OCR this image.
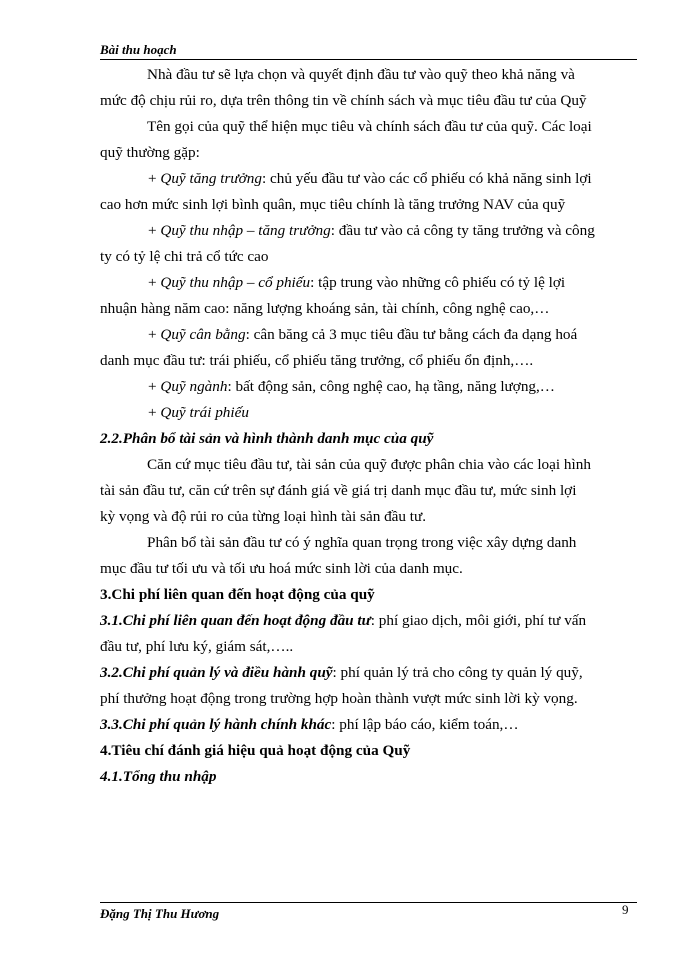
Bài thu hoạch
Nhà đầu tư sẽ lựa chọn và quyết định đầu tư vào quỹ theo khả năng và
mức độ chịu rủi ro, dựa trên thông tin về chính sách và mục tiêu đầu tư của Quỹ
Tên gọi của quỹ thể hiện mục tiêu và chính sách đầu tư của quỹ. Các loại
quỹ thường gặp:
+ Quỹ tăng trưởng: chủ yếu đầu tư vào các cổ phiếu có khả năng sinh lợi
cao hơn mức sinh lợi bình quân, mục tiêu chính là tăng trưởng NAV của quỹ
+ Quỹ thu nhập – tăng trưởng: đầu tư vào cả công ty tăng trưởng và công
ty có tỷ lệ chi trả cổ tức cao
+ Quỹ thu nhập – cổ phiếu: tập trung vào những cô phiếu có tỷ lệ lợi
nhuận hàng năm cao: năng lượng khoáng sản, tài chính, công nghệ cao,…
+ Quỹ cân bằng: cân băng cả 3 mục tiêu đầu tư bằng cách đa dạng hoá
danh mục đầu tư: trái phiếu, cổ phiếu tăng trưởng, cổ phiếu ổn định,….
+ Quỹ ngành: bất động sản, công nghệ cao, hạ tầng, năng lượng,…
+ Quỹ trái phiếu
2.2.Phân bổ tài sản và hình thành danh mục của quỹ
Căn cứ mục tiêu đầu tư, tài sản của quỹ được phân chia vào các loại hình
tài sản đầu tư, căn cứ trên sự đánh giá về giá trị danh mục đầu tư, mức sinh lợi
kỳ vọng và độ rủi ro của từng loại hình tài sản đầu tư.
Phân bổ tài sản đầu tư có ý nghĩa quan trọng trong việc xây dựng danh
mục đầu tư tối ưu và tối ưu hoá mức sinh lời của danh mục.
3.Chi phí liên quan đến hoạt động của quỹ
3.1.Chi phí liên quan đến hoạt động đầu tư: phí giao dịch, môi giới, phí tư vấn
đầu tư, phí lưu ký, giám sát,…..
3.2.Chi phí quản lý và điều hành quỹ: phí quản lý trả cho công ty quản lý quỹ,
phí thưởng hoạt động trong trường hợp hoàn thành vượt mức sinh lời kỳ vọng.
3.3.Chi phí quản lý hành chính khác: phí lập báo cáo, kiểm toán,…
4.Tiêu chí đánh giá hiệu quả hoạt động của Quỹ
4.1.Tổng thu nhập
Đặng Thị Thu Hương	9
